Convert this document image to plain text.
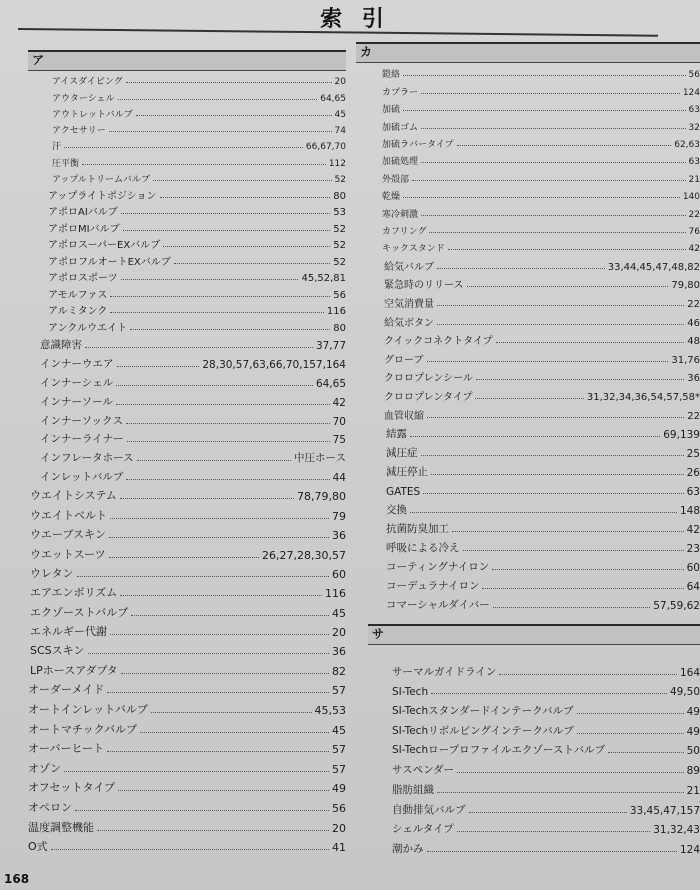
索 引
ア
アイスダイビング	20
アウターシェル	64,65
アウトレットバルブ	45
アクセサリー	74
汗	66,67,70
圧平衡	112
アップルトリームバルブ	52
アップライトポジション	80
アポロAIバルブ	53
アポロMIバルブ	52
アポロスーパーEXバルブ	52
アポロフルオートEXバルブ	52
アポロスポーツ	45,52,81
アモルファス	56
アルミタンク	116
アンクルウエイト	80
意識障害	37,77
インナーウエア	28,30,57,63,66,70,157,164
インナーシェル	64,65
インナーソール	42
インナーソックス	70
インナーライナー	75
インフレータホース	中圧ホース
インレットバルブ	44
ウエイトシステム	78,79,80
ウエイトベルト	79
ウエーブスキン	36
ウエットスーツ	26,27,28,30,57
ウレタン	60
エアエンボリズム	116
エクゾーストバルブ	45
エネルギー代謝	20
SCSスキン	36
LPホースアダプタ	82
オーダーメイド	57
オートインレットバルブ	45,53
オートマチックバルブ	45
オーバーヒート	57
オゾン	57
オフセットタイプ	49
オペロン	56
温度調整機能	20
O式	41
カ
鎧絡	56
カプラー	124
加硫	63
加硫ゴム	32
加硫ラバータイプ	62,63
加硫処理	63
外殻部	21
乾燥	140
寒冷刺激	22
カフリング	76
キックスタンド	42
給気バルブ	33,44,45,47,48,82
緊急時のリリース	79,80
空気消費量	22
給気ボタン	46
クイックコネクトタイプ	48
グローブ	31,76
クロロプレンシール	36
クロロプレンタイプ	31,32,34,36,54,57,58*
血管収縮	22
結露	69,139
減圧症	25
減圧停止	26
GATES	63
交換	148
抗菌防臭加工	42
呼吸による冷え	23
コーティングナイロン	60
コーデュラナイロン	64
コマーシャルダイバー	57,59,62
サ
サーマルガイドライン	164
SI-Tech	49,50
SI-Techスタンダードインテークバルブ	49
SI-Techリボルビングインテークバルブ	49
SI-Techロープロファイルエクゾーストバルブ	50
サスペンダー	89
脂肪組織	21
自動排気バルブ	33,45,47,157
シェルタイプ	31,32,43
潮かみ	124
168
